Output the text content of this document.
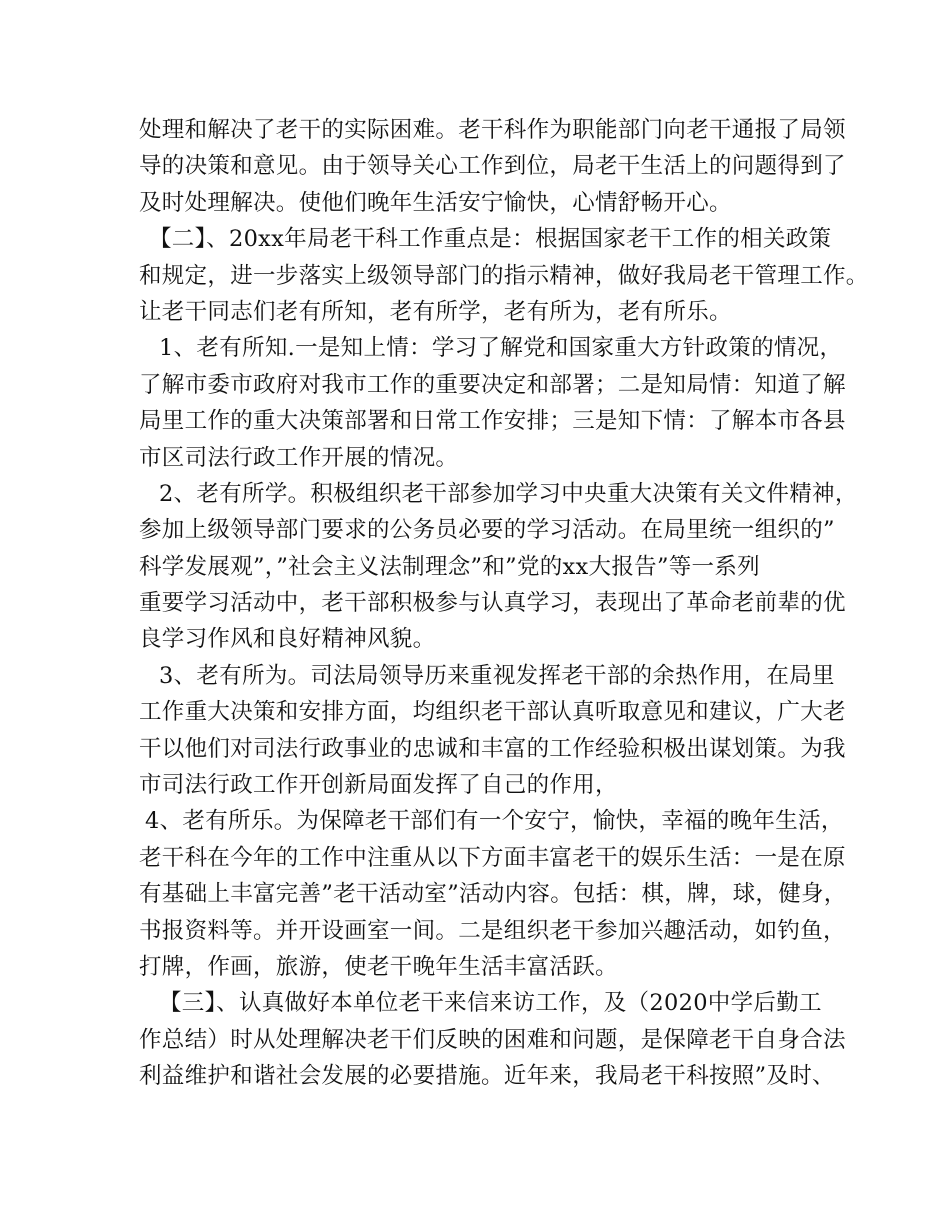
处理和解决了老干的实际困难。老干科作为职能部门向老干通报了局领
导的决策和意见。由于领导关心工作到位，局老干生活上的问题得到了
及时处理解决。使他们晚年生活安宁愉快，心情舒畅开心。
【二】、20xx年局老干科工作重点是：根据国家老干工作的相关政策
和规定，进一步落实上级领导部门的指示精神，做好我局老干管理工作。
让老干同志们老有所知，老有所学，老有所为，老有所乐。
1、老有所知.一是知上情：学习了解党和国家重大方针政策的情况，
了解市委市政府对我市工作的重要决定和部署；二是知局情：知道了解
局里工作的重大决策部署和日常工作安排；三是知下情：了解本市各县
市区司法行政工作开展的情况。
2、老有所学。积极组织老干部参加学习中央重大决策有关文件精神，
参加上级领导部门要求的公务员必要的学习活动。在局里统一组织的”
科学发展观”，”社会主义法制理念”和”党的xx大报告”等一系列
重要学习活动中，老干部积极参与认真学习，表现出了革命老前辈的优
良学习作风和良好精神风貌。
3、老有所为。司法局领导历来重视发挥老干部的余热作用，在局里
工作重大决策和安排方面，均组织老干部认真听取意见和建议，广大老
干以他们对司法行政事业的忠诚和丰富的工作经验积极出谋划策。为我
市司法行政工作开创新局面发挥了自己的作用，
4、老有所乐。为保障老干部们有一个安宁，愉快，幸福的晚年生活，
老干科在今年的工作中注重从以下方面丰富老干的娱乐生活：一是在原
有基础上丰富完善”老干活动室”活动内容。包括：棋，牌，球，健身，
书报资料等。并开设画室一间。二是组织老干参加兴趣活动，如钓鱼，
打牌，作画，旅游，使老干晚年生活丰富活跃。
【三】、认真做好本单位老干来信来访工作，及（2020中学后勤工
作总结）时从处理解决老干们反映的困难和问题，是保障老干自身合法
利益维护和谐社会发展的必要措施。近年来，我局老干科按照”及时、
